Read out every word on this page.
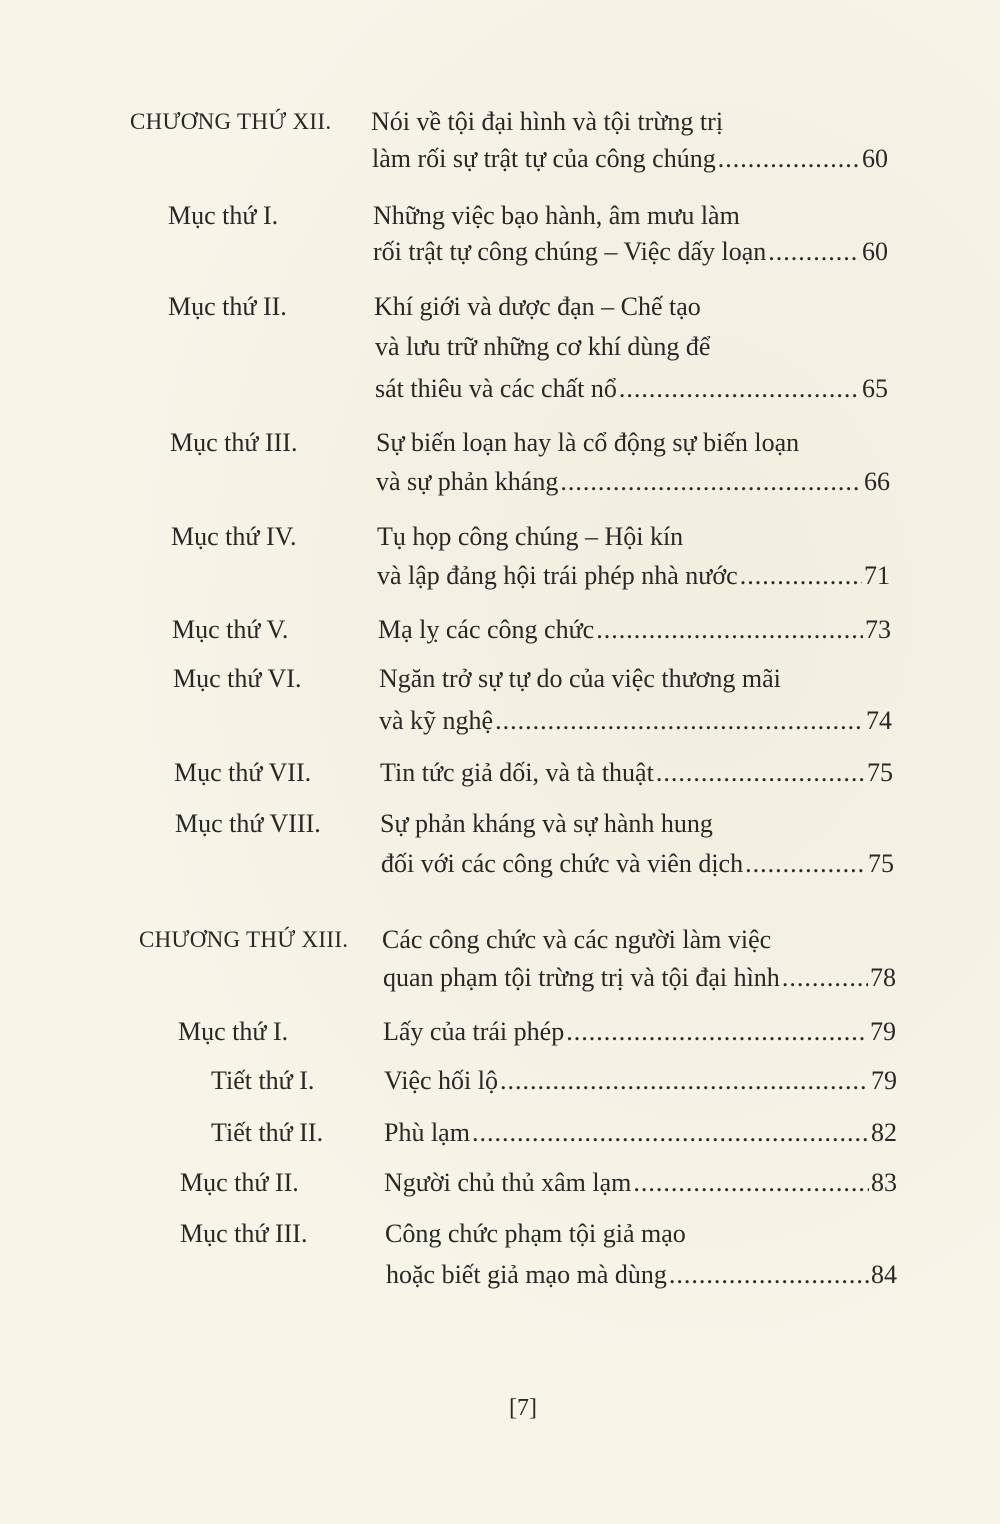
CHƯƠNG THỨ XII. Nói về tội đại hình và tội trừng trị
làm rối sự trật tự của công chúng .....	60
Mục thứ I.	Những việc bạo hành, âm mưu làm
rối trật tự công chúng – Việc dấy loạn .....	60
Mục thứ II.	Khí giới và dược đạn – Chế tạo
và lưu trữ những cơ khí dùng để
sát thiêu và các chất nổ .....	65
Mục thứ III.	Sự biến loạn hay là cổ động sự biến loạn
và sự phản kháng .....	66
Mục thứ IV.	Tụ họp công chúng – Hội kín
và lập đảng hội trái phép nhà nước .....	71
Mục thứ V.	Mạ lỵ các công chức .....	73
Mục thứ VI.	Ngăn trở sự tự do của việc thương mãi
và kỹ nghệ .....	74
Mục thứ VII.	Tin tức giả dối, và tà thuật .....	75
Mục thứ VIII. Sự phản kháng và sự hành hung
đối với các công chức và viên dịch .....	75
CHƯƠNG THỨ XIII. Các công chức và các người làm việc
quan phạm tội trừng trị và tội đại hình .....	78
Mục thứ I.	Lấy của trái phép .....	79
Tiết thứ I.	Việc hối lộ .....	79
Tiết thứ II. Phù lạm .....	82
Mục thứ II.	Người chủ thủ xâm lạm .....	83
Mục thứ III.	Công chức phạm tội giả mạo
hoặc biết giả mạo mà dùng .....	84
[7]
